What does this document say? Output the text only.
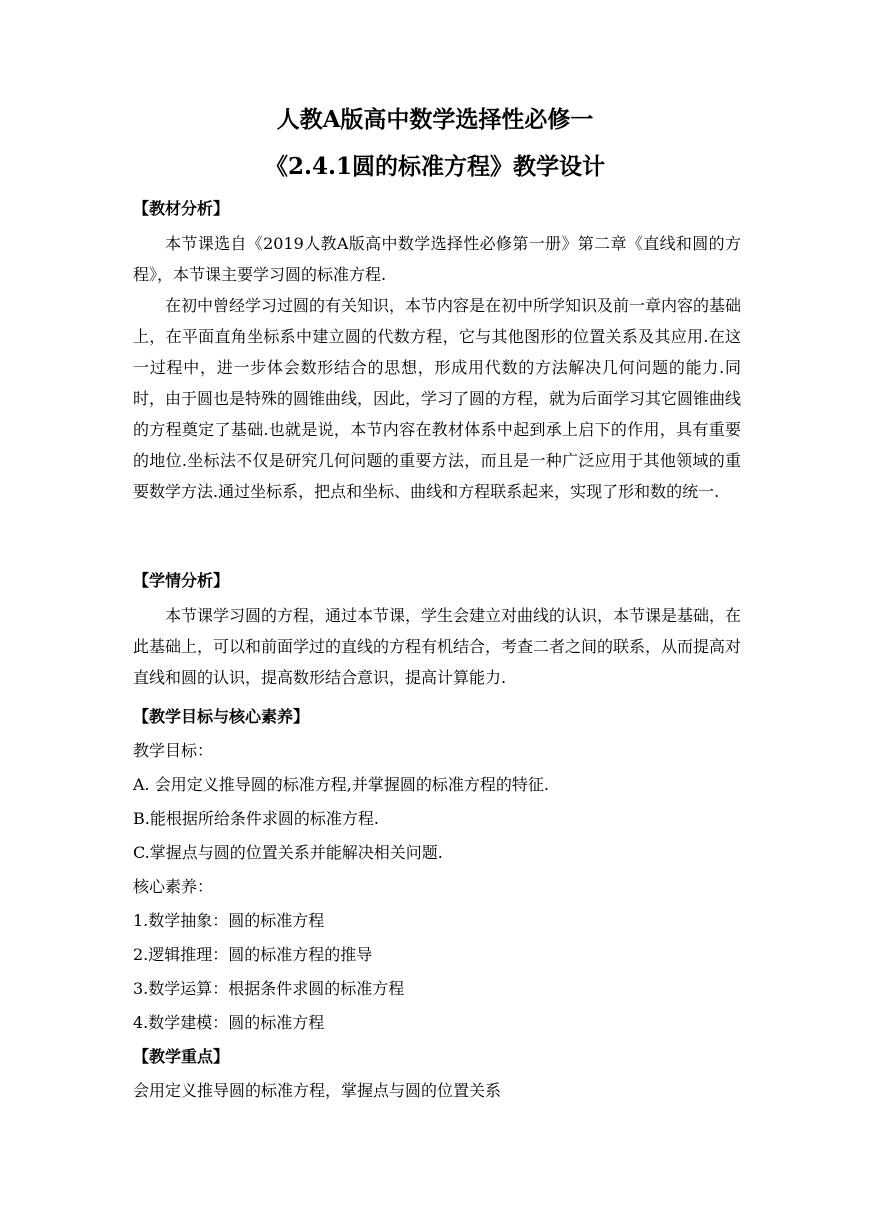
人教A版高中数学选择性必修一
《2.4.1圆的标准方程》教学设计
【教材分析】
本节课选自《2019人教A版高中数学选择性必修第一册》第二章《直线和圆的方程》，本节课主要学习圆的标准方程.
在初中曾经学习过圆的有关知识，本节内容是在初中所学知识及前一章内容的基础上，在平面直角坐标系中建立圆的代数方程，它与其他图形的位置关系及其应用.在这一过程中，进一步体会数形结合的思想，形成用代数的方法解决几何问题的能力.同时，由于圆也是特殊的圆锥曲线，因此，学习了圆的方程，就为后面学习其它圆锥曲线的方程奠定了基础.也就是说，本节内容在教材体系中起到承上启下的作用，具有重要的地位.坐标法不仅是研究几何问题的重要方法，而且是一种广泛应用于其他领域的重要数学方法.通过坐标系，把点和坐标、曲线和方程联系起来，实现了形和数的统一.
【学情分析】
本节课学习圆的方程，通过本节课，学生会建立对曲线的认识，本节课是基础，在此基础上，可以和前面学过的直线的方程有机结合，考查二者之间的联系，从而提高对直线和圆的认识，提高数形结合意识，提高计算能力.
【教学目标与核心素养】
教学目标：
A. 会用定义推导圆的标准方程,并掌握圆的标准方程的特征.
B.能根据所给条件求圆的标准方程.
C.掌握点与圆的位置关系并能解决相关问题.
核心素养：
1.数学抽象：圆的标准方程
2.逻辑推理：圆的标准方程的推导
3.数学运算：根据条件求圆的标准方程
4.数学建模：圆的标准方程
【教学重点】
会用定义推导圆的标准方程，掌握点与圆的位置关系
